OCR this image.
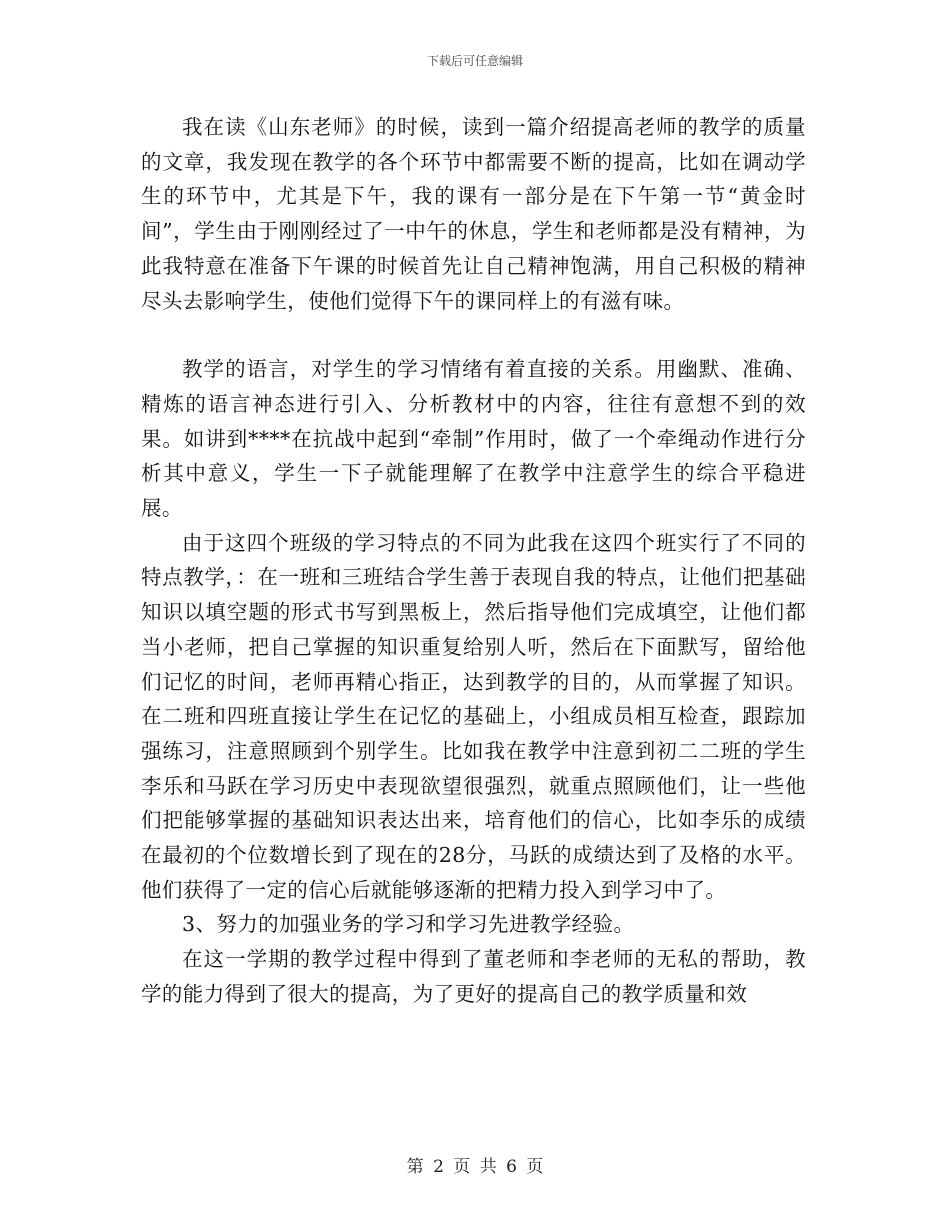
下载后可任意编辑

我在读《山东老师》的时候，读到一篇介绍提高老师的教学的质量的文章，我发现在教学的各个环节中都需要不断的提高，比如在调动学生的环节中，尤其是下午，我的课有一部分是在下午第一节“黄金时间”，学生由于刚刚经过了一中午的休息，学生和老师都是没有精神，为此我特意在准备下午课的时候首先让自己精神饱满，用自己积极的精神尽头去影响学生，使他们觉得下午的课同样上的有滋有味。

教学的语言，对学生的学习情绪有着直接的关系。用幽默、准确、精炼的语言神态进行引入、分析教材中的内容，往往有意想不到的效果。如讲到****在抗战中起到“牵制”作用时，做了一个牵绳动作进行分析其中意义，学生一下子就能理解了在教学中注意学生的综合平稳进展。

由于这四个班级的学习特点的不同为此我在这四个班实行了不同的特点教学，：在一班和三班结合学生善于表现自我的特点，让他们把基础知识以填空题的形式书写到黑板上，然后指导他们完成填空，让他们都当小老师，把自己掌握的知识重复给别人听，然后在下面默写，留给他们记忆的时间，老师再精心指正，达到教学的目的，从而掌握了知识。在二班和四班直接让学生在记忆的基础上，小组成员相互检查，跟踪加强练习，注意照顾到个别学生。比如我在教学中注意到初二二班的学生李乐和马跃在学习历史中表现欲望很强烈，就重点照顾他们，让一些他们把能够掌握的基础知识表达出来，培育他们的信心，比如李乐的成绩在最初的个位数增长到了现在的28分，马跃的成绩达到了及格的水平。他们获得了一定的信心后就能够逐渐的把精力投入到学习中了。

3、努力的加强业务的学习和学习先进教学经验。

在这一学期的教学过程中得到了董老师和李老师的无私的帮助，教学的能力得到了很大的提高，为了更好的提高自己的教学质量和效

第 2 页 共 6 页
